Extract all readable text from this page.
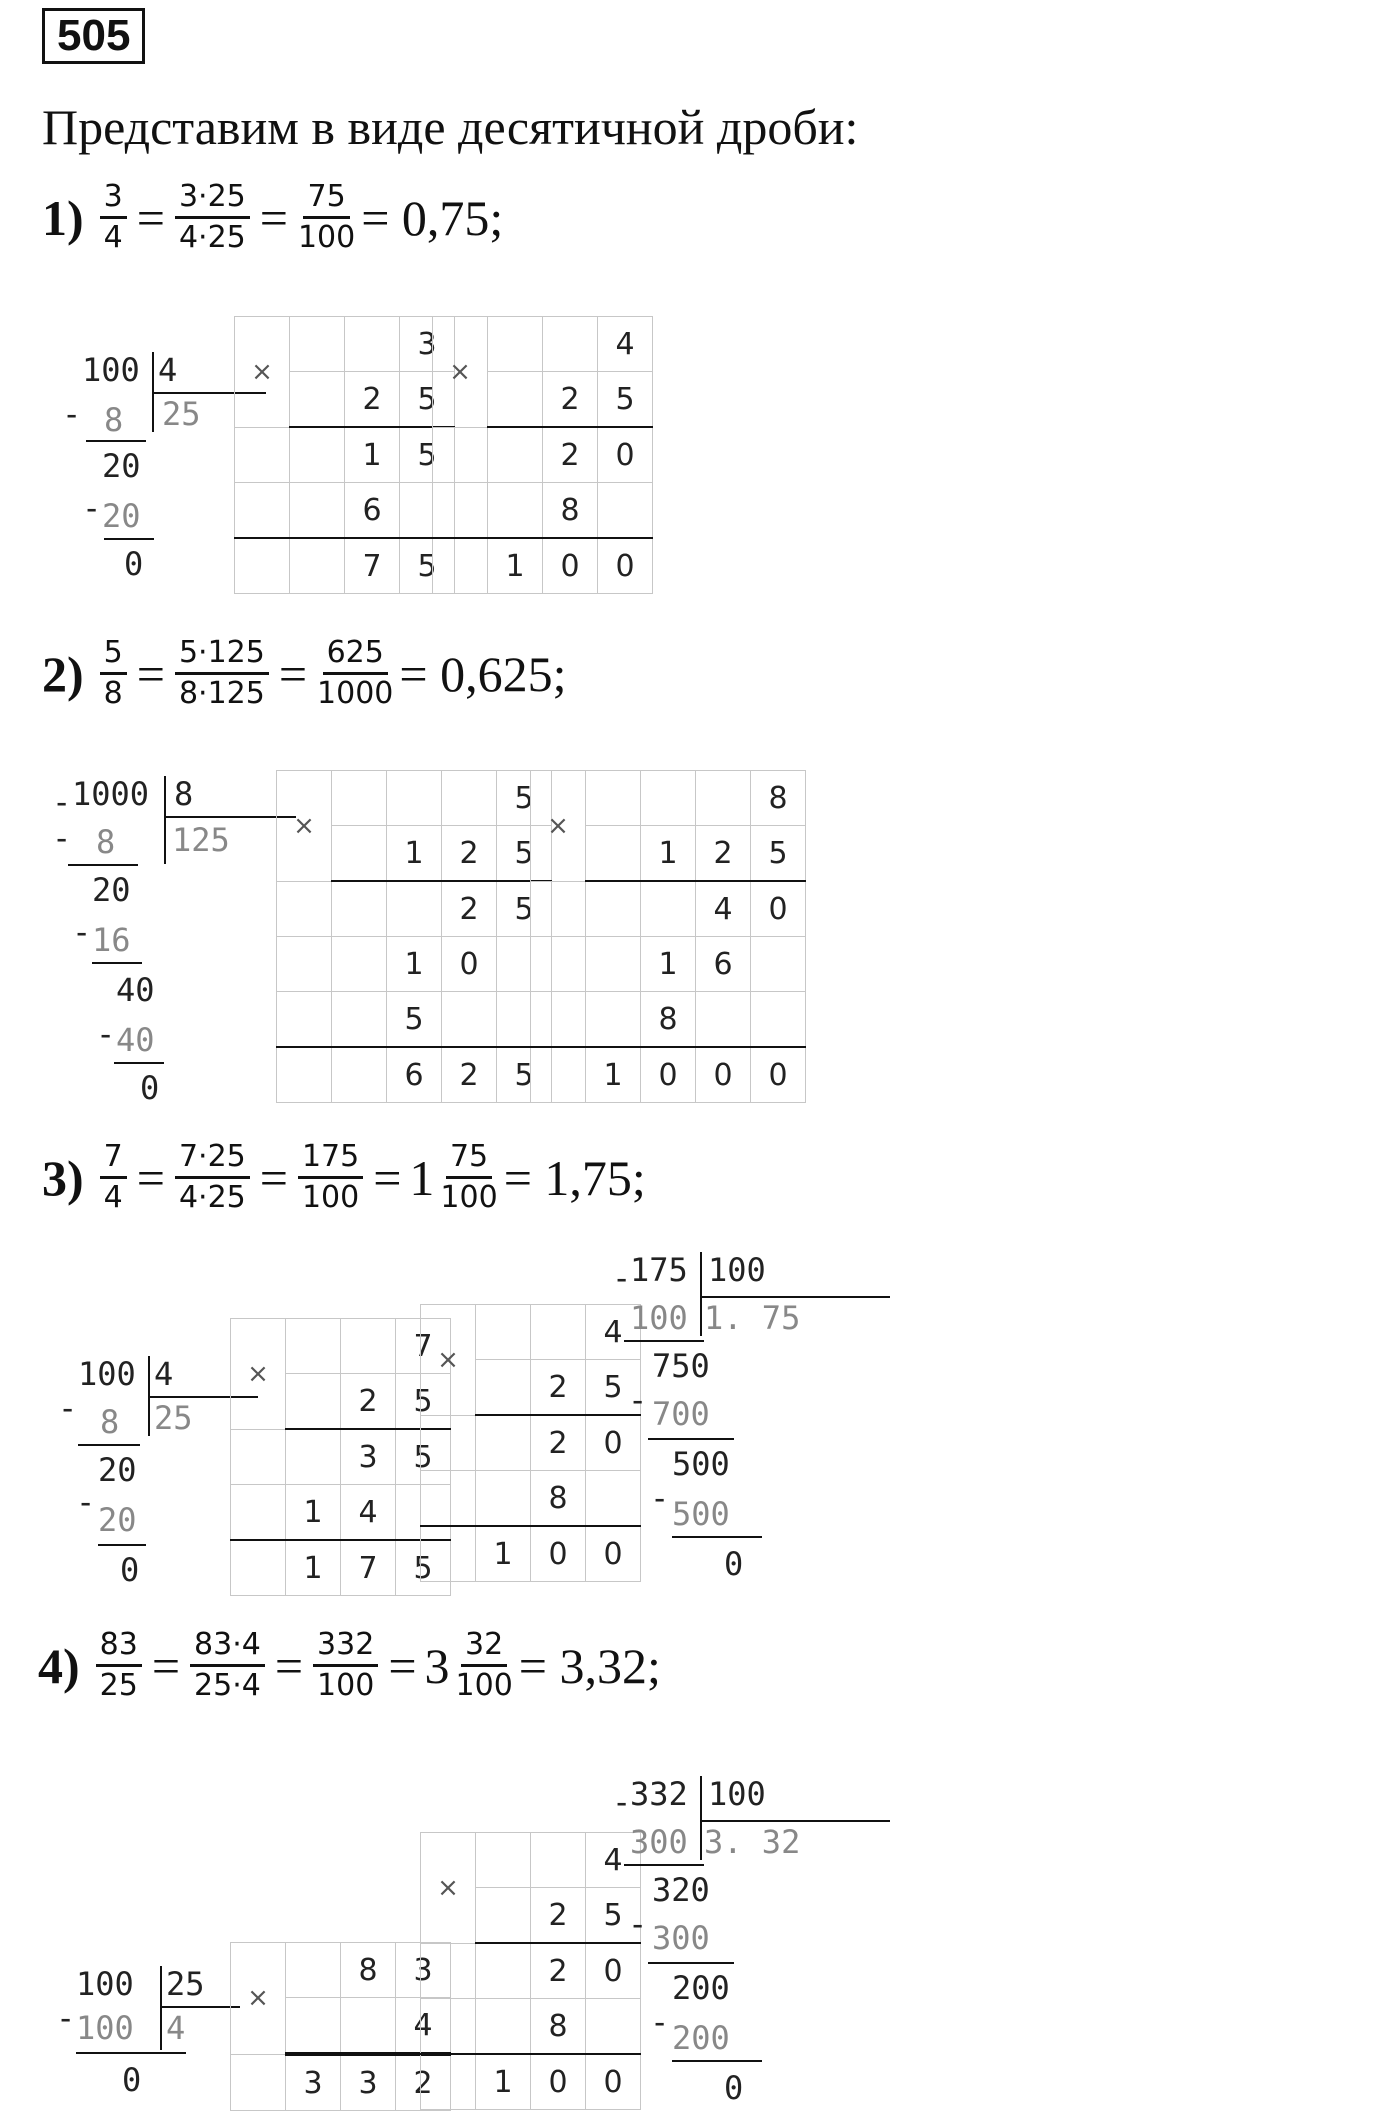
505
Представим в виде десятичной дроби:
$1) \frac{3}{4} = \frac{3\cdot 25}{4\cdot 25} = \frac{75}{100} = 0,75$;
100 4
25
- 8
20
- 20
0
×			3
		2	5
		1	5
		6	
		7	5
×			4
		2	5
		2	0
		8	
	1	0	0
$2) \frac{5}{8} = \frac{5\cdot 125}{8\cdot 125} = \frac{625}{1000} = 0,625$;
1000 8
125
-
- 8
20
- 16
40
- 40
0
×				5
		1	2	5
			2	5
		1	0	
		5		
		6	2	5
×				8
		1	2	5
			4	0
		1	6	
		8		
	1	0	0	0
$3) \frac{7}{4} = \frac{7\cdot 25}{4\cdot 25} = \frac{175}{100} = 1 \frac{75}{100} = 1,75$;
100 4
25
- 8
20
- 20
0
×			7
		2	5
		3	5
	1	4	
	1	7	5
×			4
		2	5
		2	0
		8	
	1	0	0
175 100
1. 75
-
100
750
- 700
500
- 500
0
$4) \frac{83}{25} = \frac{83\cdot 4}{25\cdot 4} = \frac{332}{100} = 3 \frac{32}{100} = 3,32$;
100 25
4
- 100
0
×		8	3
			4
	3	3	2
×			4
		2	5
		2	0
		8	
	1	0	0
332 100
3. 32
-
300
320
- 300
200
- 200
0
